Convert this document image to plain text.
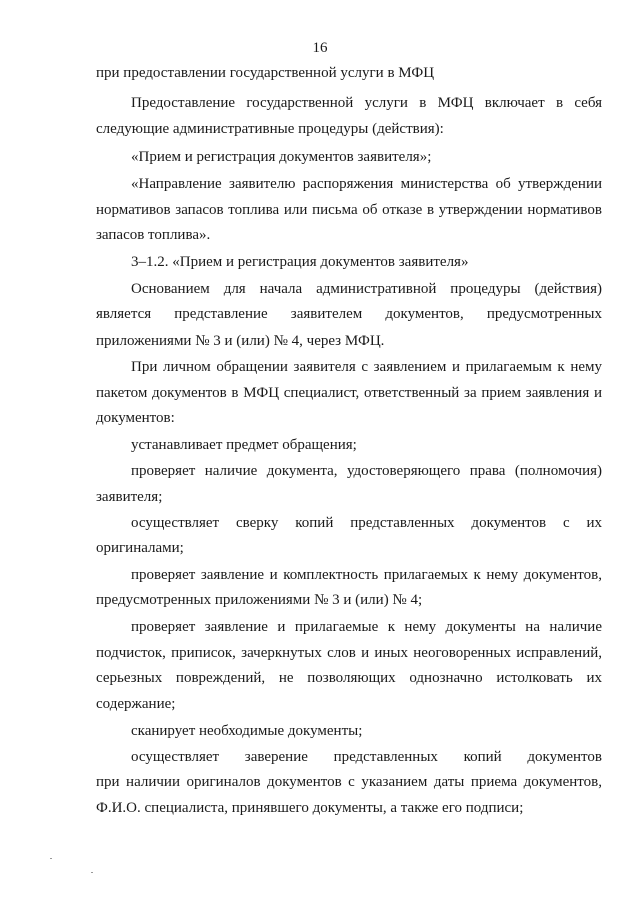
16
при предоставлении государственной услуги в МФЦ
Предоставление государственной услуги в МФЦ включает в себя
следующие административные процедуры (действия):
«Прием и регистрация документов заявителя»;
«Направление заявителю распоряжения министерства об утверждении
нормативов запасов топлива или письма об отказе в утверждении нормативов
запасов топлива».
3–1.2. «Прием и регистрация документов заявителя»
Основанием для начала административной процедуры (действия)
является представление заявителем документов, предусмотренных
приложениями № 3 и (или) № 4, через МФЦ.
При личном обращении заявителя с заявлением и прилагаемым к нему
пакетом документов в МФЦ специалист, ответственный за прием заявления и
документов:
устанавливает предмет обращения;
проверяет наличие документа, удостоверяющего права (полномочия)
заявителя;
осуществляет сверку копий представленных документов с их
оригиналами;
проверяет заявление и комплектность прилагаемых к нему документов,
предусмотренных приложениями № 3 и (или) № 4;
проверяет заявление и прилагаемые к нему документы на наличие
подчисток, приписок, зачеркнутых слов и иных неоговоренных исправлений,
серьезных повреждений, не позволяющих однозначно истолковать их
содержание;
сканирует необходимые документы;
осуществляет заверение представленных копий документов
при наличии оригиналов документов с указанием даты приема документов,
Ф.И.О. специалиста, принявшего документы, а также его подписи;
